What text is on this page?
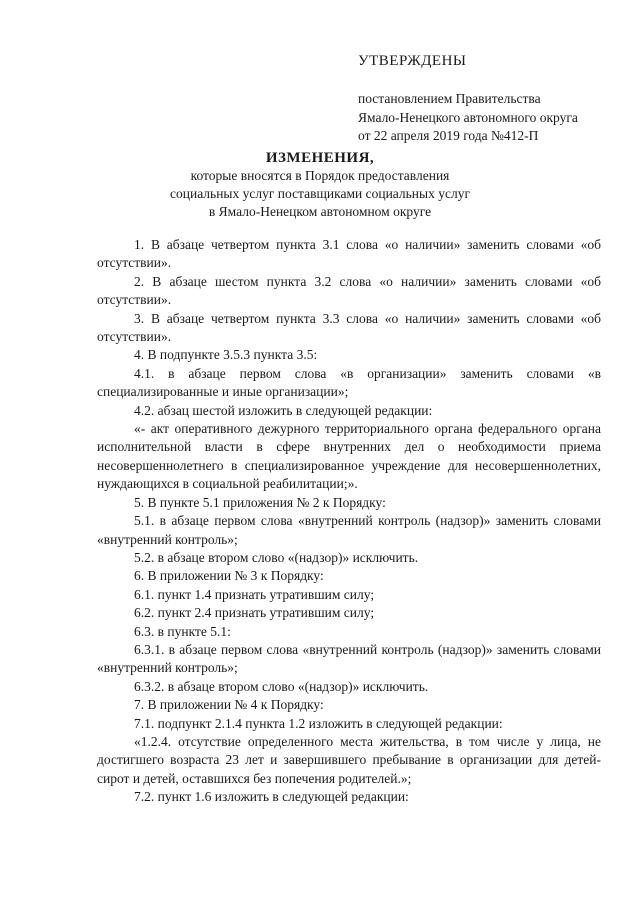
УТВЕРЖДЕНЫ
постановлением Правительства
Ямало-Ненецкого автономного округа
от 22 апреля 2019 года №412-П
ИЗМЕНЕНИЯ,
которые вносятся в Порядок предоставления
социальных услуг поставщиками социальных услуг
в Ямало-Ненецком автономном округе

1. В абзаце четвертом пункта 3.1 слова «о наличии» заменить словами «об отсутствии».

2. В абзаце шестом пункта 3.2 слова «о наличии» заменить словами «об отсутствии».

3. В абзаце четвертом пункта 3.3 слова «о наличии» заменить словами «об отсутствии».

4. В подпункте 3.5.3 пункта 3.5:

4.1. в абзаце первом слова «в организации» заменить словами «в специализированные и иные организации»;

4.2. абзац шестой изложить в следующей редакции:

«- акт оперативного дежурного территориального органа федерального органа исполнительной власти в сфере внутренних дел о необходимости приема несовершеннолетнего в специализированное учреждение для несовершеннолетних, нуждающихся в социальной реабилитации;».

5. В пункте 5.1 приложения № 2 к Порядку:

5.1. в абзаце первом слова «внутренний контроль (надзор)» заменить словами «внутренний контроль»;

5.2. в абзаце втором слово «(надзор)» исключить.

6. В приложении № 3 к Порядку:

6.1. пункт 1.4 признать утратившим силу;

6.2. пункт 2.4 признать утратившим силу;

6.3. в пункте 5.1:

6.3.1. в абзаце первом слова «внутренний контроль (надзор)» заменить словами «внутренний контроль»;

6.3.2. в абзаце втором слово «(надзор)» исключить.

7. В приложении № 4 к Порядку:

7.1. подпункт 2.1.4 пункта 1.2 изложить в следующей редакции:

«1.2.4. отсутствие определенного места жительства, в том числе у лица, не достигшего возраста 23 лет и завершившего пребывание в организации для детей-сирот и детей, оставшихся без попечения родителей.»;

7.2. пункт 1.6 изложить в следующей редакции:
